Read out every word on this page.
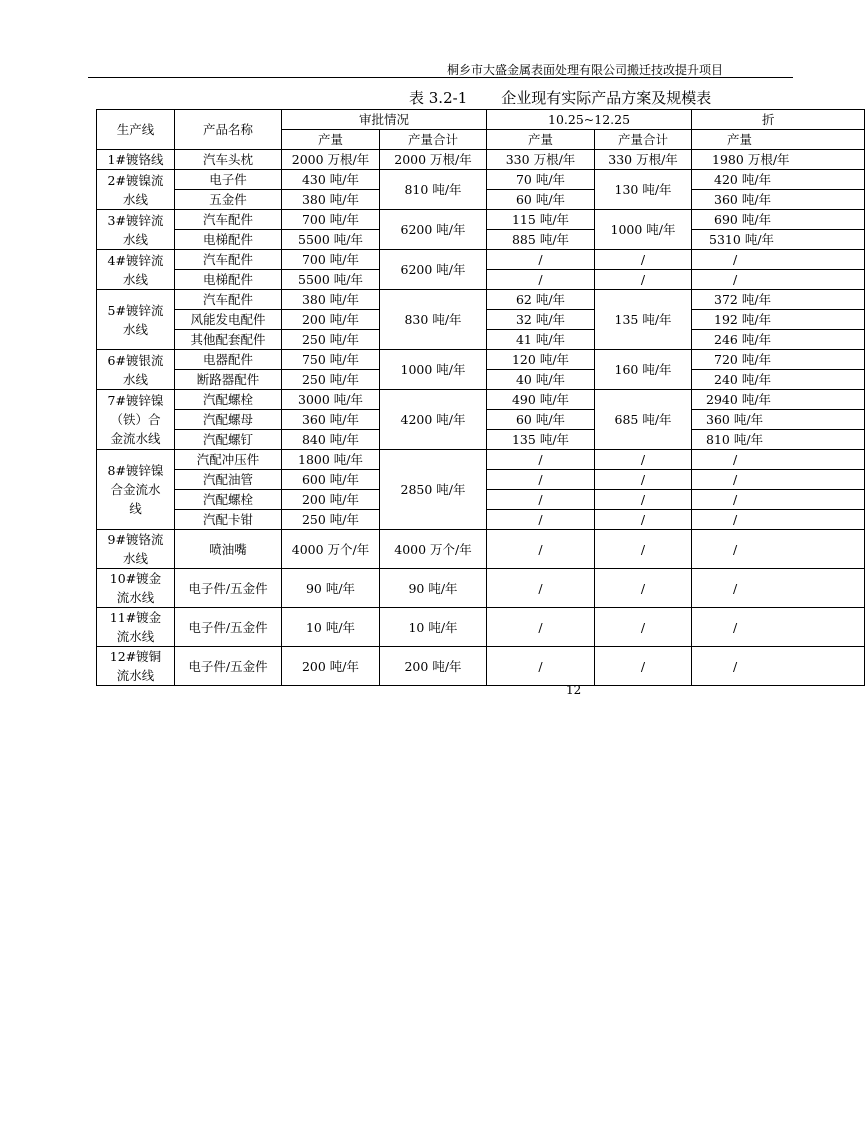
桐乡市大盛金属表面处理有限公司搬迁技改提升项目
表 3.2-1 企业现有实际产品方案及规模表
生产线	产品名称	审批情况		10.25~12.25		折
		产量	产量合计	产量	产量合计	产量
1#镀铬线	汽车头枕	2000 万根/年	2000 万根/年	330 万根/年	330 万根/年	1980 万根/年

2#镀镍流水线	电子件	430 吨/年	810 吨/年	70 吨/年	130 吨/年	420 吨/年
	五金件	380 吨/年		60 吨/年		360 吨/年

3#镀锌流水线	汽车配件	700 吨/年	6200 吨/年	115 吨/年	1000 吨/年	690 吨/年
	电梯配件	5500 吨/年		885 吨/年		5310 吨/年

4#镀锌流水线	汽车配件	700 吨/年	6200 吨/年	/	/	/
	电梯配件	5500 吨/年		/	/	/

5#镀锌流水线	汽车配件	380 吨/年	830 吨/年	62 吨/年	135 吨/年	372 吨/年
	风能发电配件	200 吨/年		32 吨/年		192 吨/年
	其他配套配件	250 吨/年		41 吨/年		246 吨/年

6#镀银流水线	电器配件	750 吨/年	1000 吨/年	120 吨/年	160 吨/年	720 吨/年
	断路器配件	250 吨/年		40 吨/年		240 吨/年

7#镀锌镍（铁）合金流水线	汽配螺栓	3000 吨/年	4200 吨/年	490 吨/年	685 吨/年	2940 吨/年
	汽配螺母	360 吨/年		60 吨/年		360 吨/年
	汽配螺钉	840 吨/年		135 吨/年		810 吨/年

8#镀锌镍合金流水线	汽配冲压件	1800 吨/年	2850 吨/年	/	/	/
	汽配油管	600 吨/年		/	/	/
	汽配螺栓	200 吨/年		/	/	/
	汽配卡钳	250 吨/年		/	/	/

9#镀铬流水线	喷油嘴	4000 万个/年	4000 万个/年	/	/	/

10#镀金流水线	电子件/五金件	90 吨/年	90 吨/年	/	/	/

11#镀金流水线	电子件/五金件	10 吨/年	10 吨/年	/	/	/

12#镀铜流水线	电子件/五金件	200 吨/年	200 吨/年	/	/	/
12
